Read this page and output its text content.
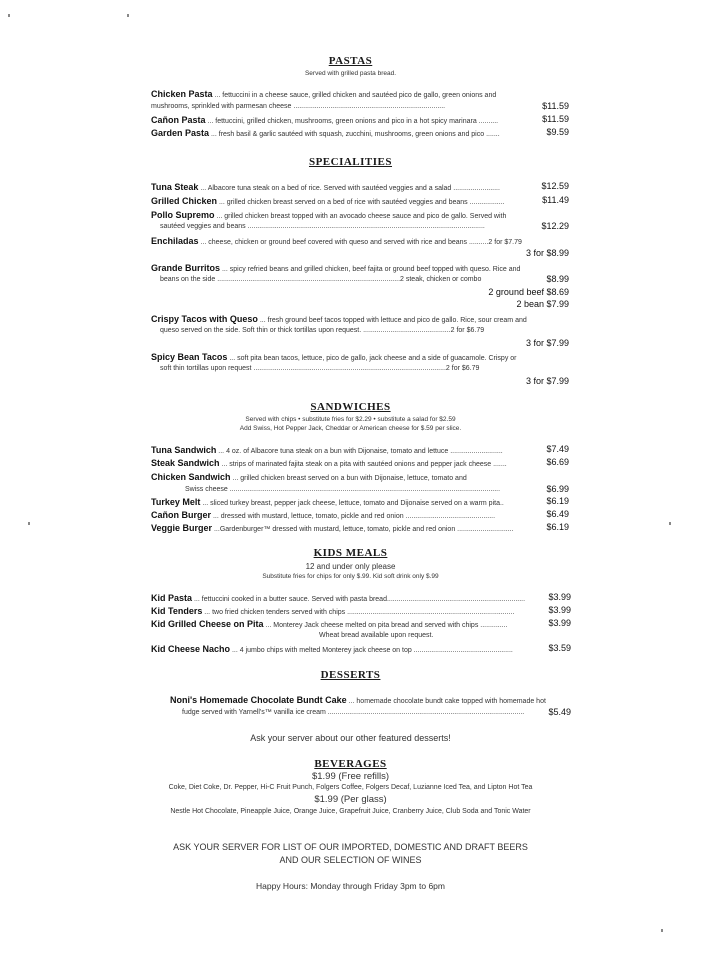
PASTAS
Served with grilled pasta bread.
Chicken Pasta ... fettuccini in a cheese sauce, grilled chicken and sautéed pico de gallo, green onions and
mushrooms, sprinkled with parmesan cheese ..............................................................................	$11.59
Cañon Pasta ... fettuccini, grilled chicken, mushrooms, green onions and pico in a hot spicy marinara ..........	$11.59
Garden Pasta ... fresh basil & garlic sautéed with squash, zucchini, mushrooms, green onions and pico .......	$9.59
SPECIALITIES
Tuna Steak ... Albacore tuna steak on a bed of rice. Served with sautéed veggies and a salad ........................	$12.59
Grilled Chicken ... grilled chicken breast served on a bed of rice with sautéed veggies and beans ..................	$11.49
Pollo Supremo ... grilled chicken breast topped with an avocado cheese sauce and pico de gallo. Served with
sautéed veggies and beans ..........................................................................................................................	$12.29
Enchiladas ... cheese, chicken or ground beef covered with queso and served with rice and beans ..........2 for $7.79
3 for $8.99
Grande Burritos ... spicy refried beans and grilled chicken, beef fajita or ground beef topped with queso. Rice and
beans on the side ..............................................................................................2 steak, chicken or combo	$8.99
2 ground beef $8.69
2 bean $7.99
Crispy Tacos with Queso ... fresh ground beef tacos topped with lettuce and pico de gallo. Rice, sour cream and
queso served on the side. Soft thin or thick tortillas upon request. .............................................2 for $6.79
3 for $7.99
Spicy Bean Tacos ... soft pita bean tacos, lettuce, pico de gallo, jack cheese and a side of guacamole. Crispy or
soft thin tortillas upon request ...................................................................................................2 for $6.79
3 for $7.99
SANDWICHES
Served with chips • substitute fries for $2.29 • substitute a salad for $2.59
Add Swiss, Hot Pepper Jack, Cheddar or American cheese for $.59 per slice.
Tuna Sandwich ... 4 oz. of Albacore tuna steak on a bun with Dijonaise, tomato and lettuce ...........................	$7.49
Steak Sandwich ... strips of marinated fajita steak on a pita with sautéed onions and pepper jack cheese .......	$6.69
Chicken Sandwich ... grilled chicken breast served on a bun with Dijonaise, lettuce, tomato and
Swiss cheese ...........................................................................................................................................	$6.99
Turkey Melt ... sliced turkey breast, pepper jack cheese, lettuce, tomato and Dijonaise served on a warm pita..	$6.19
Cañon Burger ... dressed with mustard, lettuce, tomato, pickle and red onion ..............................................	$6.49
Veggie Burger ...Gardenburger™ dressed with mustard, lettuce, tomato, pickle and red onion .............................	$6.19
KIDS MEALS
12 and under only please
Substitute fries for chips for only $.99. Kid soft drink only $.99
Kid Pasta ... fettuccini cooked in a butter sauce. Served with pasta bread.......................................................................	$3.99
Kid Tenders ... two fried chicken tenders served with chips ......................................................................................	$3.99
Kid Grilled Cheese on Pita ... Monterey Jack cheese melted on pita bread and served with chips ..............	$3.99
Wheat bread available upon request.
Kid Cheese Nacho ... 4 jumbo chips with melted Monterey jack cheese on top ...................................................	$3.59
DESSERTS
Noni's Homemade Chocolate Bundt Cake ... homemade chocolate bundt cake topped with homemade hot
fudge served with Yarnell's™ vanilla ice cream .....................................................................................................	$5.49
Ask your server about our other featured desserts!
BEVERAGES
$1.99 (Free refills)
Coke, Diet Coke, Dr. Pepper, Hi-C Fruit Punch, Folgers Coffee, Folgers Decaf, Luzianne Iced Tea, and Lipton Hot Tea
$1.99 (Per glass)
Nestle Hot Chocolate, Pineapple Juice, Orange Juice, Grapefruit Juice, Cranberry Juice, Club Soda and Tonic Water
ASK YOUR SERVER FOR LIST OF OUR IMPORTED, DOMESTIC AND DRAFT BEERS
AND OUR SELECTION OF WINES
Happy Hours: Monday through Friday 3pm to 6pm
